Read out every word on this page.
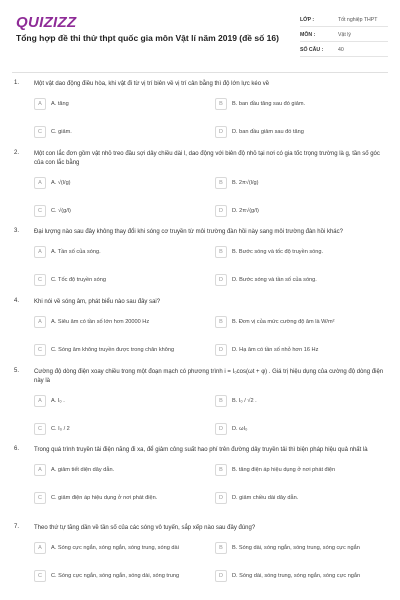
QUIZIZZ
Tổng hợp đề thi thử thpt quốc gia môn Vật lí năm 2019 (đề số 16)
LỚP :	Tốt nghiệp THPT
MÔN :	Vật lý
SỐ CÂU :	40
1. Một vật dao động điều hòa, khi vật đi từ vị trí biên về vị trí cân bằng thì độ lớn lực kéo về
A	A. tăng	B	B. ban đầu tăng sau đó giảm.
C	C. giảm.	D	D. ban đầu giảm sau đó tăng
2. Một con lắc đơn gồm vật nhỏ treo đầu sợi dây chiều dài l, dao động với biên độ nhỏ tại nơi có gia tốc trọng trường là g, tần số góc của con lắc bằng
A	A. √(l/g)	B	B. 2π√(l/g)
C	C. √(g/l)	D	D. 2π√(g/l)
3. Đại lượng nào sau đây không thay đổi khi sóng cơ truyền từ môi trường đàn hồi này sang môi trường đàn hồi khác?
A	A. Tần số của sóng.	B	B. Bước sóng và tốc độ truyền sóng.
C	C. Tốc độ truyền sóng	D	D. Bước sóng và tần số của sóng.
4. Khi nói về sóng âm, phát biểu nào sau đây sai?
A	A. Siêu âm có tần số lớn hơn 20000 Hz	B	B. Đơn vị của mức cường độ âm là W/m²
C	C. Sóng âm không truyền được trong chân không	D	D. Hạ âm có tần số nhỏ hơn 16 Hz
5. Cường độ dòng điện xoay chiều trong một đoạn mạch có phương trình i = I₀cos(ωt + φ) . Giá trị hiệu dụng của cường độ dòng điện này là
A	A. I₀ .	B	B. I₀ / √2 .
C	C. I₀ / 2	D	D. ωI₀
6. Trong quá trình truyền tải điện năng đi xa, để giảm công suất hao phí trên đường dây truyền tải thì biện pháp hiệu quả nhất là
A	A. giảm tiết diện dây dẫn.	B	B. tăng điện áp hiệu dụng ở nơi phát điện
C	C. giảm điện áp hiệu dụng ở nơi phát điện.	D	D. giảm chiều dài dây dẫn.
7. Theo thứ tự tăng dần về tần số của các sóng vô tuyến, sắp xếp nào sau đây đúng?
A	A. Sóng cực ngắn, sóng ngắn, sóng trung, sóng dài	B	B. Sóng dài, sóng ngắn, sóng trung, sóng cực ngắn
C	C. Sóng cực ngắn, sóng ngắn, sóng dài, sóng trung	D	D. Sóng dài, sóng trung, sóng ngắn, sóng cực ngắn
